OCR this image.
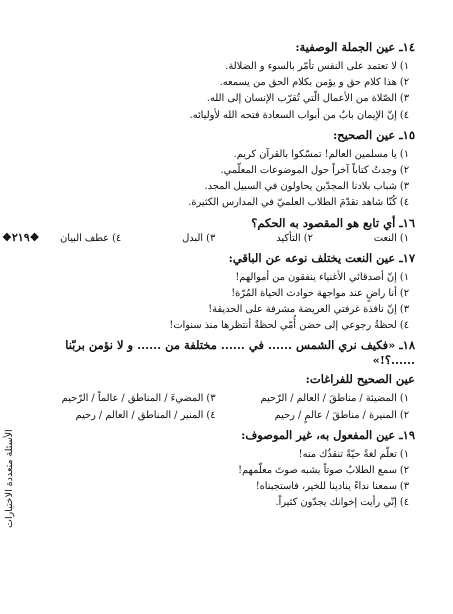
❖٢١٩❖
الأسئلة متعددة الاختيارات

١٤ـ عين الجملة الوصفية:

١) لا تعتمد على النفس تأمّر بالسوء و الضلالة.

٢) هذا كلام حق و يؤمن بكلام الحق من يسمعه.

٣) الصّلاة من الأعمال الّتي تُقرّب الإنسان إلى الله.

٤) إنّ الإيمان بابٌ من أبواب السعادة فتحه الله لأوليائه.

١٥ـ عين الصحيح:

١) يا مسلمين العالم! تمسّكوا بالقرآن كريم.

٢) وجدتُ كتاباً آخراً حول الموضوعات المعلّمي.

٣) شباب بلادنا المجدّين يحاولون في السبيل المجد.

٤) كُنّا شاهد تقدّمَ الطلاب العلميّ في المدارس الكثيرة.

١٦ـ أي تابع هو المقصود به الحكم؟

١) النعت
٢) التأكيد
٣) البدل
٤) عطف البيان

١٧ـ عين النعت يختلف نوعه عن الباقي:

١) إنّ أصدقائي الأغنياء ينفقون من أموالهم!

٢) أنا راضٍ عند مواجهة حوادث الحياة المُرّة!

٣) إنّ نافذة غرفتي العريضة مشرفة على الحديقة!

٤) لحظةُ رجوعي إلى حضن أُمّي لحظةٌ أنتظرها منذ سنوات!

١٨ـ «فكيف نري الشمس ...... في ...... مختلفة من ...... و لا نؤمن بربّنا ......؟!»

عين الصحيح للفراغات:

١) المضيئة / مناطقَ / العالم / الرّحيم

٣) المضيءَ / المناطق / عالماً / الرّحيم

٢) المنيرة / مناطقَ / عالمٍ / رحيم

٤) المنير / المناطق / العالم / رحيم

١٩ـ عين المفعول به، غير الموصوف:

١) تعلّم لغةً حيّةً تنقذُك منه!

٢) سمع الطلابُ صوتاً يشبه صوتَ معلّمهم!

٣) سمعنا نداءً ينادينا للخير، فاستجبناه!

٤) إنّي رأيت إخوانك يجدّون كثيراً.
